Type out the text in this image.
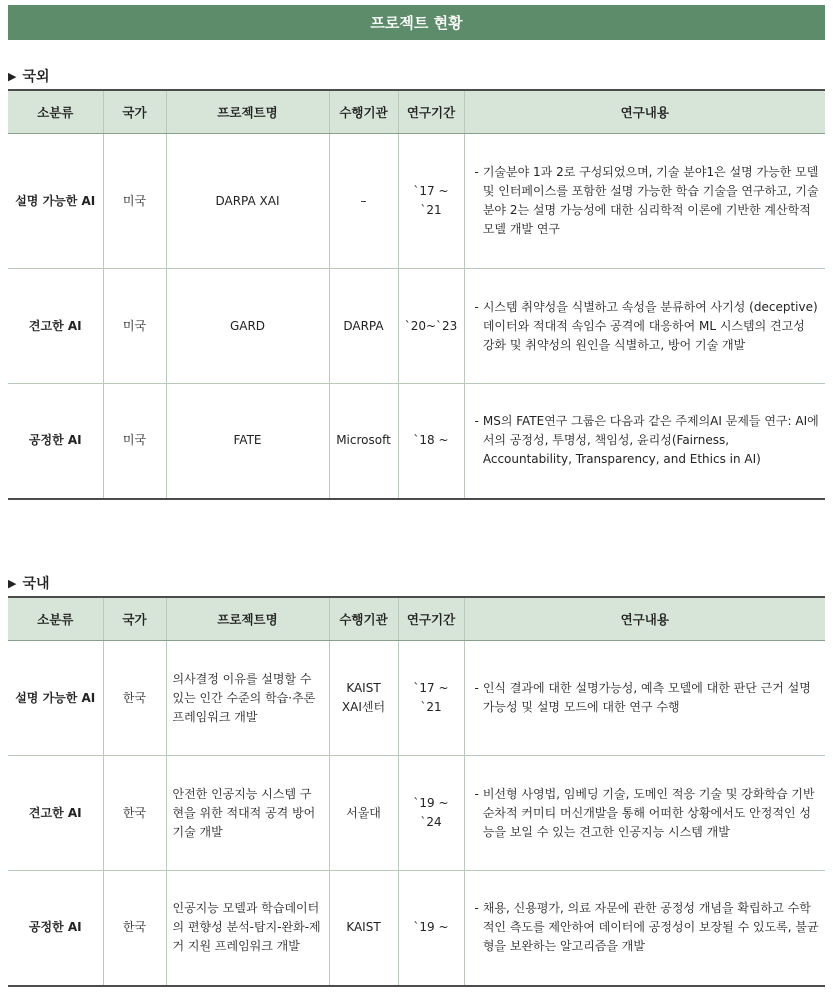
프로젝트 현황
▶ 국외
소분류	국가	프로젝트명	수행기관	연구기간	연구내용
설명 가능한 AI	미국	DARPA XAI	–	`17 ~ `21	- 기술분야 1과 2로 구성되었으며, 기술 분야1은 설명 가능한 모델 및 인터페이스를 포함한 설명 가능한 학습 기술을 연구하고, 기술 분야 2는 설명 가능성에 대한 심리학적 이론에 기반한 계산학적 모델 개발 연구

견고한 AI	미국	GARD	DARPA	`20~`23	- 시스템 취약성을 식별하고 속성을 분류하여 사기성 (deceptive) 데이터와 적대적 속임수 공격에 대응하여 ML 시스템의 견고성 강화 및 취약성의 원인을 식별하고, 방어 기술 개발

공정한 AI	미국	FATE	Microsoft	`18 ~	- MS의 FATE연구 그룹은 다음과 같은 주제의AI 문제들 연구: AI에서의 공정성, 투명성, 책임성, 윤리성(Fairness, Accountability, Transparency, and Ethics in AI)
▶ 국내
소분류	국가	프로젝트명	수행기관	연구기간	연구내용
설명 가능한 AI	한국	의사결정 이유를 설명할 수 있는 인간 수준의 학습·추론 프레임워크 개발	KAIST XAI센터	`17 ~ `21	- 인식 결과에 대한 설명가능성, 예측 모델에 대한 판단 근거 설명가능성 및 설명 모드에 대한 연구 수행

견고한 AI	한국	안전한 인공지능 시스템 구현을 위한 적대적 공격 방어 기술 개발	서울대	`19 ~ `24	- 비선형 사영법, 임베딩 기술, 도메인 적응 기술 및 강화학습 기반 순차적 커미티 머신개발을 통해 어떠한 상황에서도 안정적인 성능을 보일 수 있는 견고한 인공지능 시스템 개발

공정한 AI	한국	인공지능 모델과 학습데이터의 편향성 분석-탐지-완화-제거 지원 프레임워크 개발	KAIST	`19 ~	- 채용, 신용평가, 의료 자문에 관한 공정성 개념을 확립하고 수학적인 측도를 제안하여 데이터에 공정성이 보장될 수 있도록, 불균형을 보완하는 알고리즘을 개발
